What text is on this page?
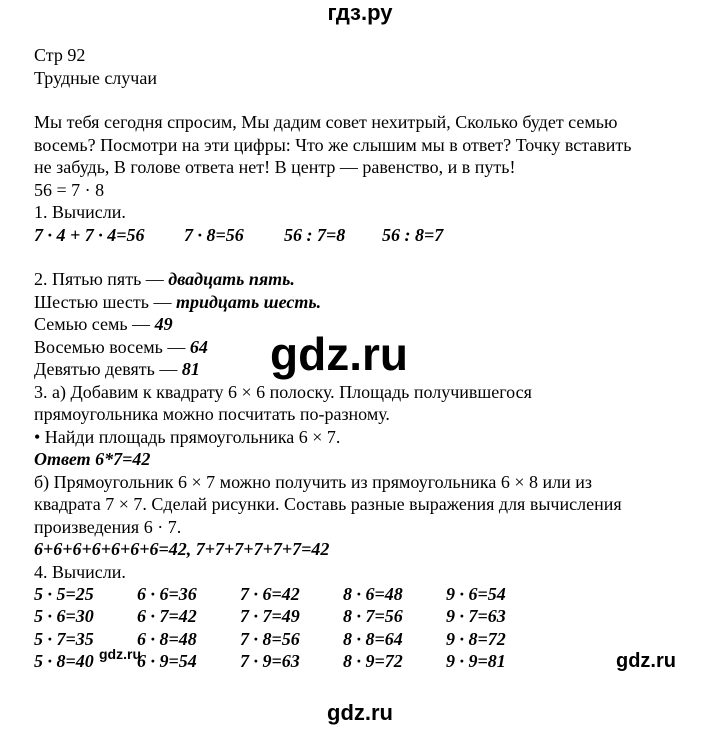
гдз.ру

Стр 92

Трудные случаи

Мы тебя сегодня спросим, Мы дадим совет нехитрый, Сколько будет семью

восемь? Посмотри на эти цифры: Что же слышим мы в ответ? Точку вставить

не забудь, В голове ответа нет! В центр — равенство, и в путь!

56 = 7 · 8

1. Вычисли.

7 · 4 + 7 · 4=56	7 · 8=56	56 : 7=8	56 : 8=7

2. Пятью пять — двадцать пять.

Шестью шесть — тридцать шесть.

Семью семь — 49

Восемью восемь — 64

Девятью девять — 81

3. а) Добавим к квадрату 6 × 6 полоску. Площадь получившегося

прямоугольника можно посчитать по-разному.

• Найди площадь прямоугольника 6 × 7.

Ответ 6*7=42

б) Прямоугольник 6 × 7 можно получить из прямоугольника 6 × 8 или из

квадрата 7 × 7. Сделай рисунки. Составь разные выражения для вычисления

произведения 6 · 7.

6+6+6+6+6+6+6=42, 7+7+7+7+7+7=42

4. Вычисли.

5 · 5=25	6 · 6=36	7 · 6=42	8 · 6=48	9 · 6=54
5 · 6=30	6 · 7=42	7 · 7=49	8 · 7=56	9 · 7=63
5 · 7=35	6 · 8=48	7 · 8=56	8 · 8=64	9 · 8=72
5 · 8=40	6 · 9=54	7 · 9=63	8 · 9=72	9 · 9=81
gdz.ru
gdz.ru	gdz.ru
gdz.ru
